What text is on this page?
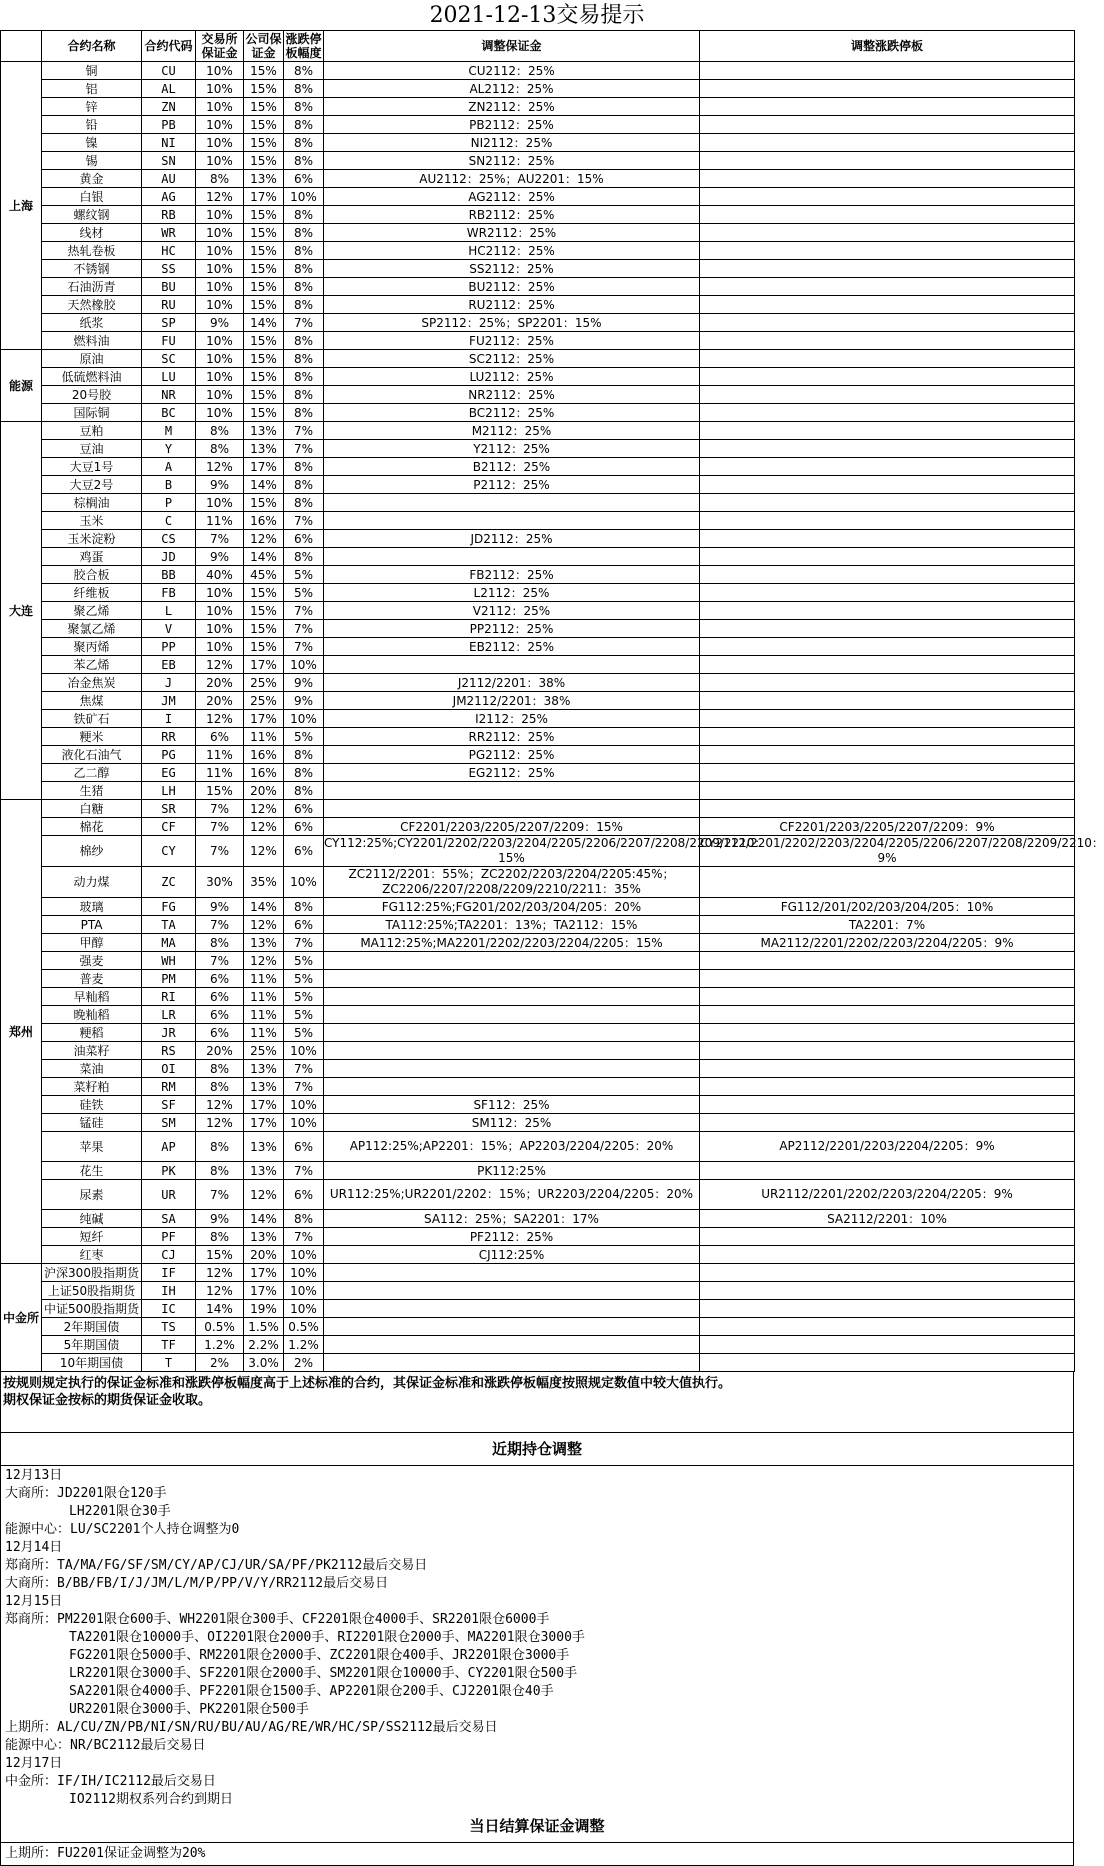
2021-12-13交易提示
	合约名称	合约代码	交易所保证金	公司保证金	涨跌停板幅度	调整保证金	调整涨跌停板
上海	铜	CU	10%	15%	8%	CU2112：25%	
	铝	AL	10%	15%	8%	AL2112：25%	
	锌	ZN	10%	15%	8%	ZN2112：25%	
	铅	PB	10%	15%	8%	PB2112：25%	
	镍	NI	10%	15%	8%	NI2112：25%	
	锡	SN	10%	15%	8%	SN2112：25%	
	黄金	AU	8%	13%	6%	AU2112：25%；AU2201：15%	
	白银	AG	12%	17%	10%	AG2112：25%	
	螺纹钢	RB	10%	15%	8%	RB2112：25%	
	线材	WR	10%	15%	8%	WR2112：25%	
	热轧卷板	HC	10%	15%	8%	HC2112：25%	
	不锈钢	SS	10%	15%	8%	SS2112：25%	
	石油沥青	BU	10%	15%	8%	BU2112：25%	
	天然橡胶	RU	10%	15%	8%	RU2112：25%	
	纸浆	SP	9%	14%	7%	SP2112：25%；SP2201：15%	
	燃料油	FU	10%	15%	8%	FU2112：25%	
能源	原油	SC	10%	15%	8%	SC2112：25%	
	低硫燃料油	LU	10%	15%	8%	LU2112：25%	
	20号胶	NR	10%	15%	8%	NR2112：25%	
	国际铜	BC	10%	15%	8%	BC2112：25%	
大连	豆粕	M	8%	13%	7%	M2112：25%	
	豆油	Y	8%	13%	7%	Y2112：25%	
	大豆1号	A	12%	17%	8%	B2112：25%	
	大豆2号	B	9%	14%	8%	P2112：25%	
	棕榈油	P	10%	15%	8%		
	玉米	C	11%	16%	7%		
	玉米淀粉	CS	7%	12%	6%	JD2112：25%	
	鸡蛋	JD	9%	14%	8%		
	胶合板	BB	40%	45%	5%	FB2112：25%	
	纤维板	FB	10%	15%	5%	L2112：25%	
	聚乙烯	L	10%	15%	7%	V2112：25%	
	聚氯乙烯	V	10%	15%	7%	PP2112：25%	
	聚丙烯	PP	10%	15%	7%	EB2112：25%	
	苯乙烯	EB	12%	17%	10%		
	冶金焦炭	J	20%	25%	9%	J2112/2201：38%	
	焦煤	JM	20%	25%	9%	JM2112/2201：38%	
	铁矿石	I	12%	17%	10%	I2112：25%	
	粳米	RR	6%	11%	5%	RR2112：25%	
	液化石油气	PG	11%	16%	8%	PG2112：25%	
	乙二醇	EG	11%	16%	8%	EG2112：25%	
	生猪	LH	15%	20%	8%		
郑州	白糖	SR	7%	12%	6%		
	棉花	CF	7%	12%	6%	CF2201/2203/2205/2207/2209：15%	CF2201/2203/2205/2207/2209：9%
	棉纱	CY	7%	12%	6%	CY112:25%;CY2201/2202/2203/2204/2205/2206/2207/2208/2209/2210：15%	CY2112/2201/2202/2203/2204/2205/2206/2207/2208/2209/2210：9%
	动力煤	ZC	30%	35%	10%	ZC2112/2201：55%；ZC2202/2203/2204/2205:45%；ZC2206/2207/2208/2209/2210/2211：35%	
	玻璃	FG	9%	14%	8%	FG112:25%;FG201/202/203/204/205：20%	FG112/201/202/203/204/205：10%
	PTA	TA	7%	12%	6%	TA112:25%;TA2201：13%；TA2112：15%	TA2201：7%
	甲醇	MA	8%	13%	7%	MA112:25%;MA2201/2202/2203/2204/2205：15%	MA2112/2201/2202/2203/2204/2205：9%
	强麦	WH	7%	12%	5%		
	普麦	PM	6%	11%	5%		
	早籼稻	RI	6%	11%	5%		
	晚籼稻	LR	6%	11%	5%		
	粳稻	JR	6%	11%	5%		
	油菜籽	RS	20%	25%	10%		
	菜油	OI	8%	13%	7%		
	菜籽粕	RM	8%	13%	7%		
	硅铁	SF	12%	17%	10%	SF112：25%	
	锰硅	SM	12%	17%	10%	SM112：25%	
	苹果	AP	8%	13%	6%	AP112:25%;AP2201：15%；AP2203/2204/2205：20%	AP2112/2201/2203/2204/2205：9%
	花生	PK	8%	13%	7%	PK112:25%	
	尿素	UR	7%	12%	6%	UR112:25%;UR2201/2202：15%；UR2203/2204/2205：20%	UR2112/2201/2202/2203/2204/2205：9%
	纯碱	SA	9%	14%	8%	SA112：25%；SA2201：17%	SA2112/2201：10%
	短纤	PF	8%	13%	7%	PF2112：25%	
	红枣	CJ	15%	20%	10%	CJ112:25%	
中金所	沪深300股指期货	IF	12%	17%	10%		
	上证50股指期货	IH	12%	17%	10%		
	中证500股指期货	IC	14%	19%	10%		
	2年期国债	TS	0.5%	1.5%	0.5%		
	5年期国债	TF	1.2%	2.2%	1.2%		
	10年期国债	T	2%	3.0%	2%		
按规则规定执行的保证金标准和涨跌停板幅度高于上述标准的合约，其保证金标准和涨跌停板幅度按照规定数值中较大值执行。
期权保证金按标的期货保证金收取。
近期持仓调整
12月13日
大商所：JD2201限仓120手
LH2201限仓30手
能源中心：LU/SC2201个人持仓调整为0
12月14日
郑商所：TA/MA/FG/SF/SM/CY/AP/CJ/UR/SA/PF/PK2112最后交易日
大商所：B/BB/FB/I/J/JM/L/M/P/PP/V/Y/RR2112最后交易日
12月15日
郑商所：PM2201限仓600手、WH2201限仓300手、CF2201限仓4000手、SR2201限仓6000手
TA2201限仓10000手、OI2201限仓2000手、RI2201限仓2000手、MA2201限仓3000手
FG2201限仓5000手、RM2201限仓2000手、ZC2201限仓400手、JR2201限仓3000手
LR2201限仓3000手、SF2201限仓2000手、SM2201限仓10000手、CY2201限仓500手
SA2201限仓4000手、PF2201限仓1500手、AP2201限仓200手、CJ2201限仓40手
UR2201限仓3000手、PK2201限仓500手
上期所：AL/CU/ZN/PB/NI/SN/RU/BU/AU/AG/RE/WR/HC/SP/SS2112最后交易日
能源中心：NR/BC2112最后交易日
12月17日
中金所：IF/IH/IC2112最后交易日
IO2112期权系列合约到期日
当日结算保证金调整
上期所：FU2201保证金调整为20%
